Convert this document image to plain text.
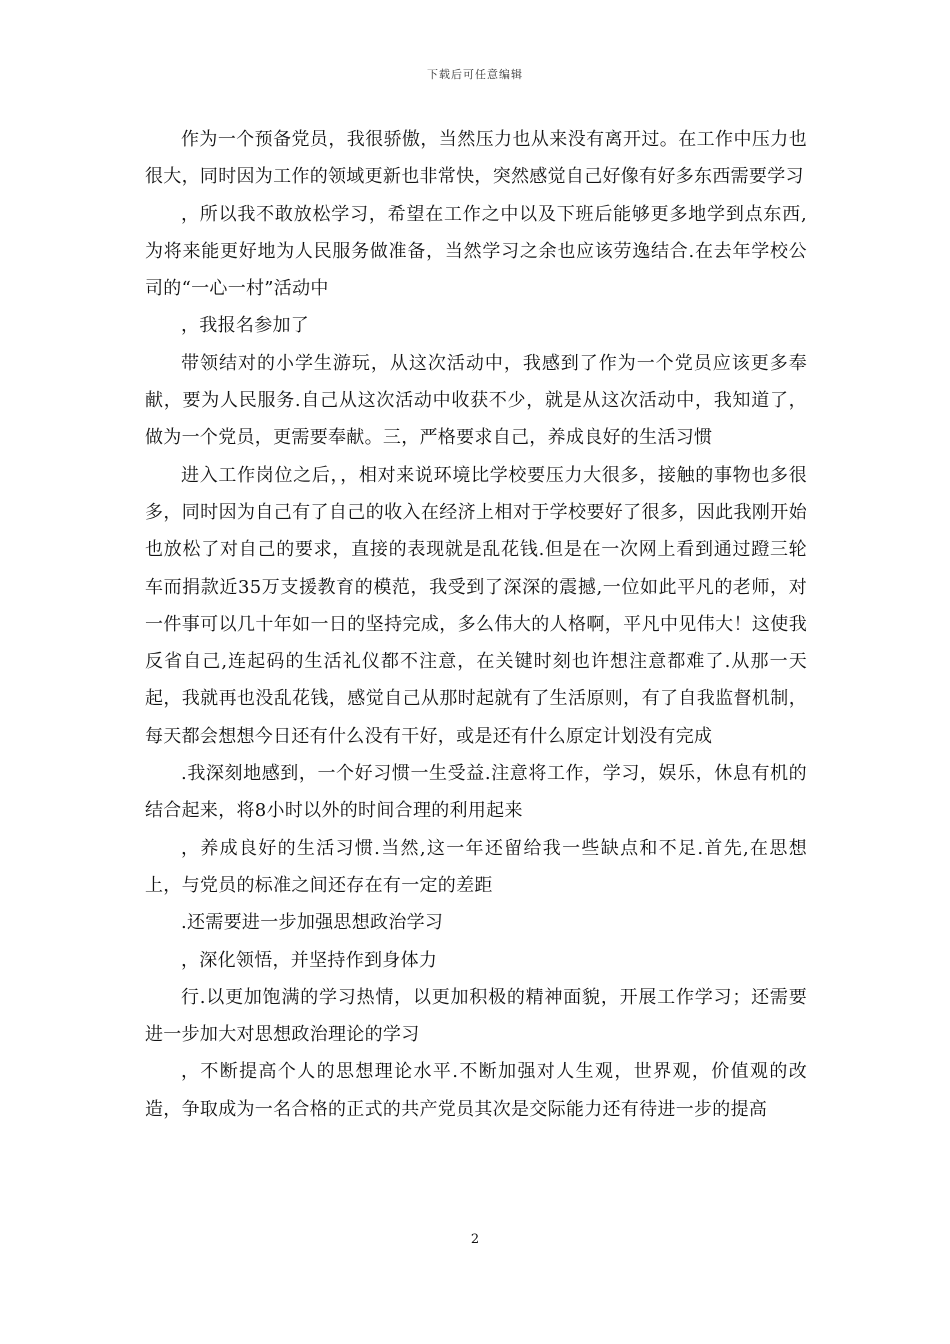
下载后可任意编辑

作为一个预备党员，我很骄傲，当然压力也从来没有离开过。在工作中压力也很大，同时因为工作的领域更新也非常快，突然感觉自己好像有好多东西需要学习

，所以我不敢放松学习，希望在工作之中以及下班后能够更多地学到点东西,为将来能更好地为人民服务做准备，当然学习之余也应该劳逸结合.在去年学校公司的“一心一村”活动中

，我报名参加了

带领结对的小学生游玩，从这次活动中，我感到了作为一个党员应该更多奉献，要为人民服务.自己从这次活动中收获不少，就是从这次活动中，我知道了，做为一个党员，更需要奉献。三，严格要求自己，养成良好的生活习惯

进入工作岗位之后，，相对来说环境比学校要压力大很多，接触的事物也多很多，同时因为自己有了自己的收入在经济上相对于学校要好了很多，因此我刚开始也放松了对自己的要求，直接的表现就是乱花钱.但是在一次网上看到通过蹬三轮车而捐款近35万支援教育的模范，我受到了深深的震撼,一位如此平凡的老师，对一件事可以几十年如一日的坚持完成，多么伟大的人格啊，平凡中见伟大！这使我反省自己,连起码的生活礼仪都不注意，在关键时刻也许想注意都难了.从那一天起，我就再也没乱花钱，感觉自己从那时起就有了生活原则，有了自我监督机制，每天都会想想今日还有什么没有干好，或是还有什么原定计划没有完成

.我深刻地感到，一个好习惯一生受益.注意将工作，学习，娱乐，休息有机的结合起来，将8小时以外的时间合理的利用起来

，养成良好的生活习惯.当然,这一年还留给我一些缺点和不足.首先,在思想上，与党员的标准之间还存在有一定的差距

.还需要进一步加强思想政治学习

，深化领悟，并坚持作到身体力

行.以更加饱满的学习热情，以更加积极的精神面貌，开展工作学习；还需要进一步加大对思想政治理论的学习

，不断提高个人的思想理论水平.不断加强对人生观，世界观，价值观的改造，争取成为一名合格的正式的共产党员其次是交际能力还有待进一步的提高

2
